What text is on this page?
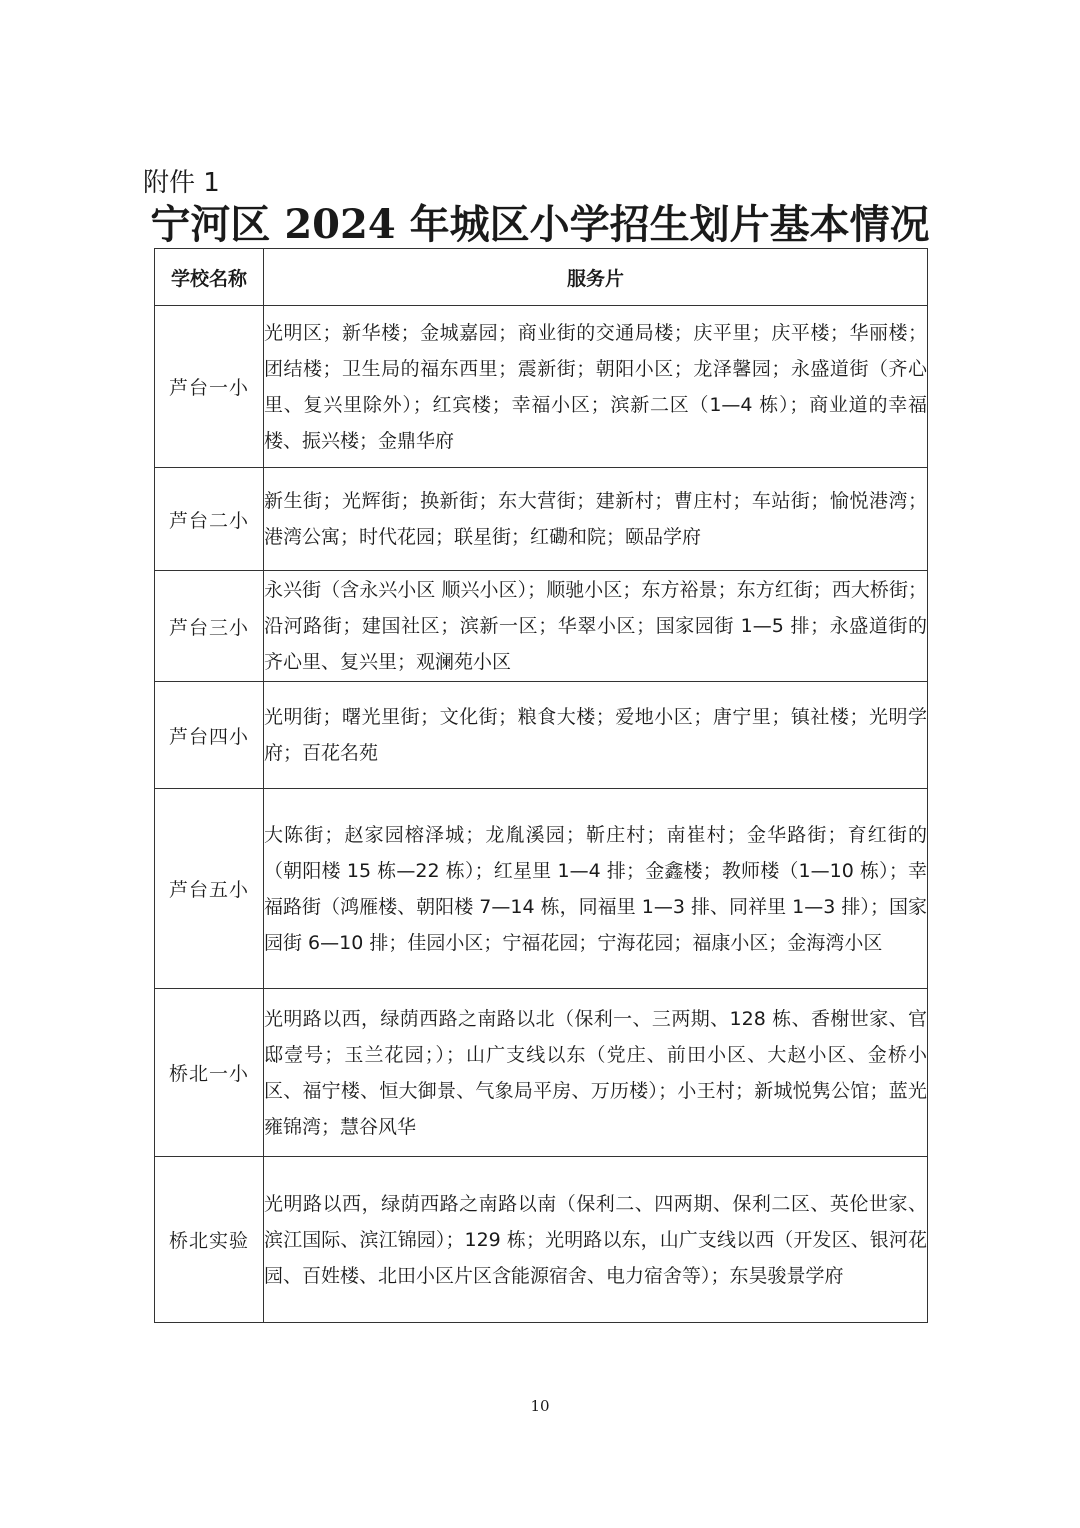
附件 1
宁河区 2024 年城区小学招生划片基本情况
学校名称	服务片
芦台一小	光明区；新华楼；金城嘉园；商业街的交通局楼；庆平里；庆平楼；华丽楼；团结楼；卫生局的福东西里；震新街；朝阳小区；龙泽馨园；永盛道街（齐心里、复兴里除外）；红宾楼；幸福小区；滨新二区（1—4 栋）；商业道的幸福楼、振兴楼；金鼎华府
芦台二小	新生街；光辉街；换新街；东大营街；建新村；曹庄村；车站街；愉悦港湾；港湾公寓；时代花园；联星街；红磡和院；颐品学府
芦台三小	永兴街（含永兴小区 顺兴小区）；顺驰小区；东方裕景；东方红街；西大桥街；沿河路街；建国社区；滨新一区；华翠小区；国家园街 1—5 排；永盛道街的齐心里、复兴里；观澜苑小区
芦台四小	光明街；曙光里街；文化街；粮食大楼；爱地小区；唐宁里；镇社楼；光明学府；百花名苑
芦台五小	大陈街；赵家园榕泽城；龙胤溪园；靳庄村；南崔村；金华路街；育红街的（朝阳楼 15 栋—22 栋）；红星里 1—4 排；金鑫楼；教师楼（1—10 栋）；幸福路街（鸿雁楼、朝阳楼 7—14 栋，同福里 1—3 排、同祥里 1—3 排）；国家园街 6—10 排；佳园小区；宁福花园；宁海花园；福康小区；金海湾小区
桥北一小	光明路以西，绿荫西路之南路以北（保利一、三两期、128 栋、香榭世家、官邸壹号；玉兰花园；）；山广支线以东（党庄、前田小区、大赵小区、金桥小区、福宁楼、恒大御景、气象局平房、万历楼）；小王村；新城悦隽公馆；蓝光雍锦湾；慧谷风华
桥北实验	光明路以西，绿荫西路之南路以南（保利二、四两期、保利二区、英伦世家、滨江国际、滨江锦园）；129 栋；光明路以东，山广支线以西（开发区、银河花园、百姓楼、北田小区片区含能源宿舍、电力宿舍等）；东昊骏景学府
10
